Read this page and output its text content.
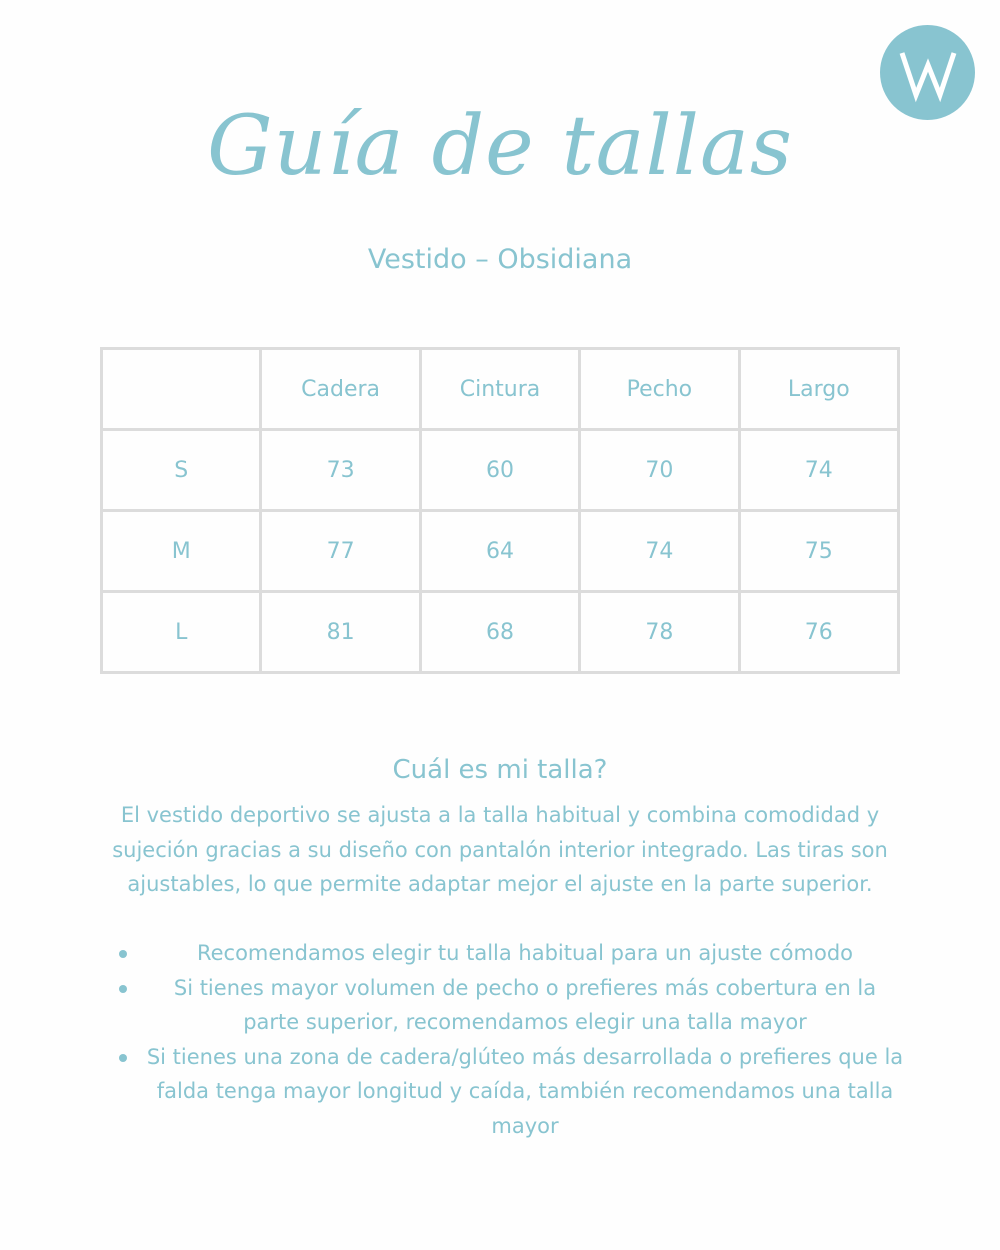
Guía de tallas
Vestido – Obsidiana
	Cadera	Cintura	Pecho	Largo
S	73	60	70	74
M	77	64	74	75
L	81	68	78	76
Cuál es mi talla?
El vestido deportivo se ajusta a la talla habitual y combina comodidad y sujeción gracias a su diseño con pantalón interior integrado. Las tiras son ajustables, lo que permite adaptar mejor el ajuste en la parte superior.
Recomendamos elegir tu talla habitual para un ajuste cómodo
Si tienes mayor volumen de pecho o prefieres más cobertura en la parte superior, recomendamos elegir una talla mayor
Si tienes una zona de cadera/glúteo más desarrollada o prefieres que la falda tenga mayor longitud y caída, también recomendamos una talla mayor
